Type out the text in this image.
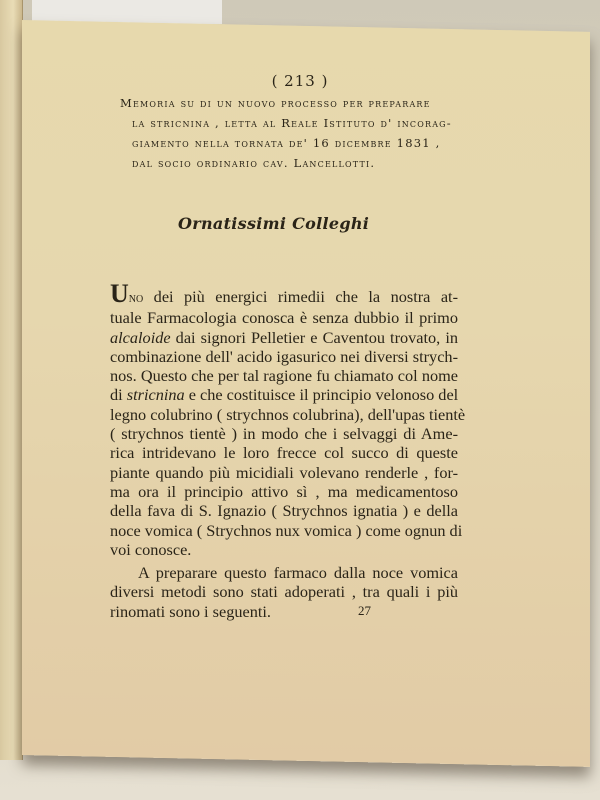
( 213 )
Memoria su di un nuovo processo per preparare
la stricnina , letta al Reale Istituto d' incorag-
giamento nella tornata de' 16 dicembre 1831 ,
dal socio ordinario cav. Lancellotti.
Ornatissimi Colleghi
Uno dei più energici rimedii che la nostra at-
tuale Farmacologia conosca è senza dubbio il primo
alcaloide dai signori Pelletier e Caventou trovato, in
combinazione dell' acido igasurico nei diversi strych-
nos. Questo che per tal ragione fu chiamato col nome
di stricnina e che costituisce il principio velonoso del
legno colubrino ( strychnos colubrina), dell'upas tientè
( strychnos tientè ) in modo che i selvaggi di Ame-
rica intridevano le loro frecce col succo di queste
piante quando più micidiali volevano renderle , for-
ma ora il principio attivo sì , ma medicamentoso
della fava di S. Ignazio ( Strychnos ignatia ) e della
noce vomica ( Strychnos nux vomica ) come ognun di
voi conosce.
A preparare questo farmaco dalla noce vomica
diversi metodi sono stati adoperati , tra quali i più
rinomati sono i seguenti.	27
